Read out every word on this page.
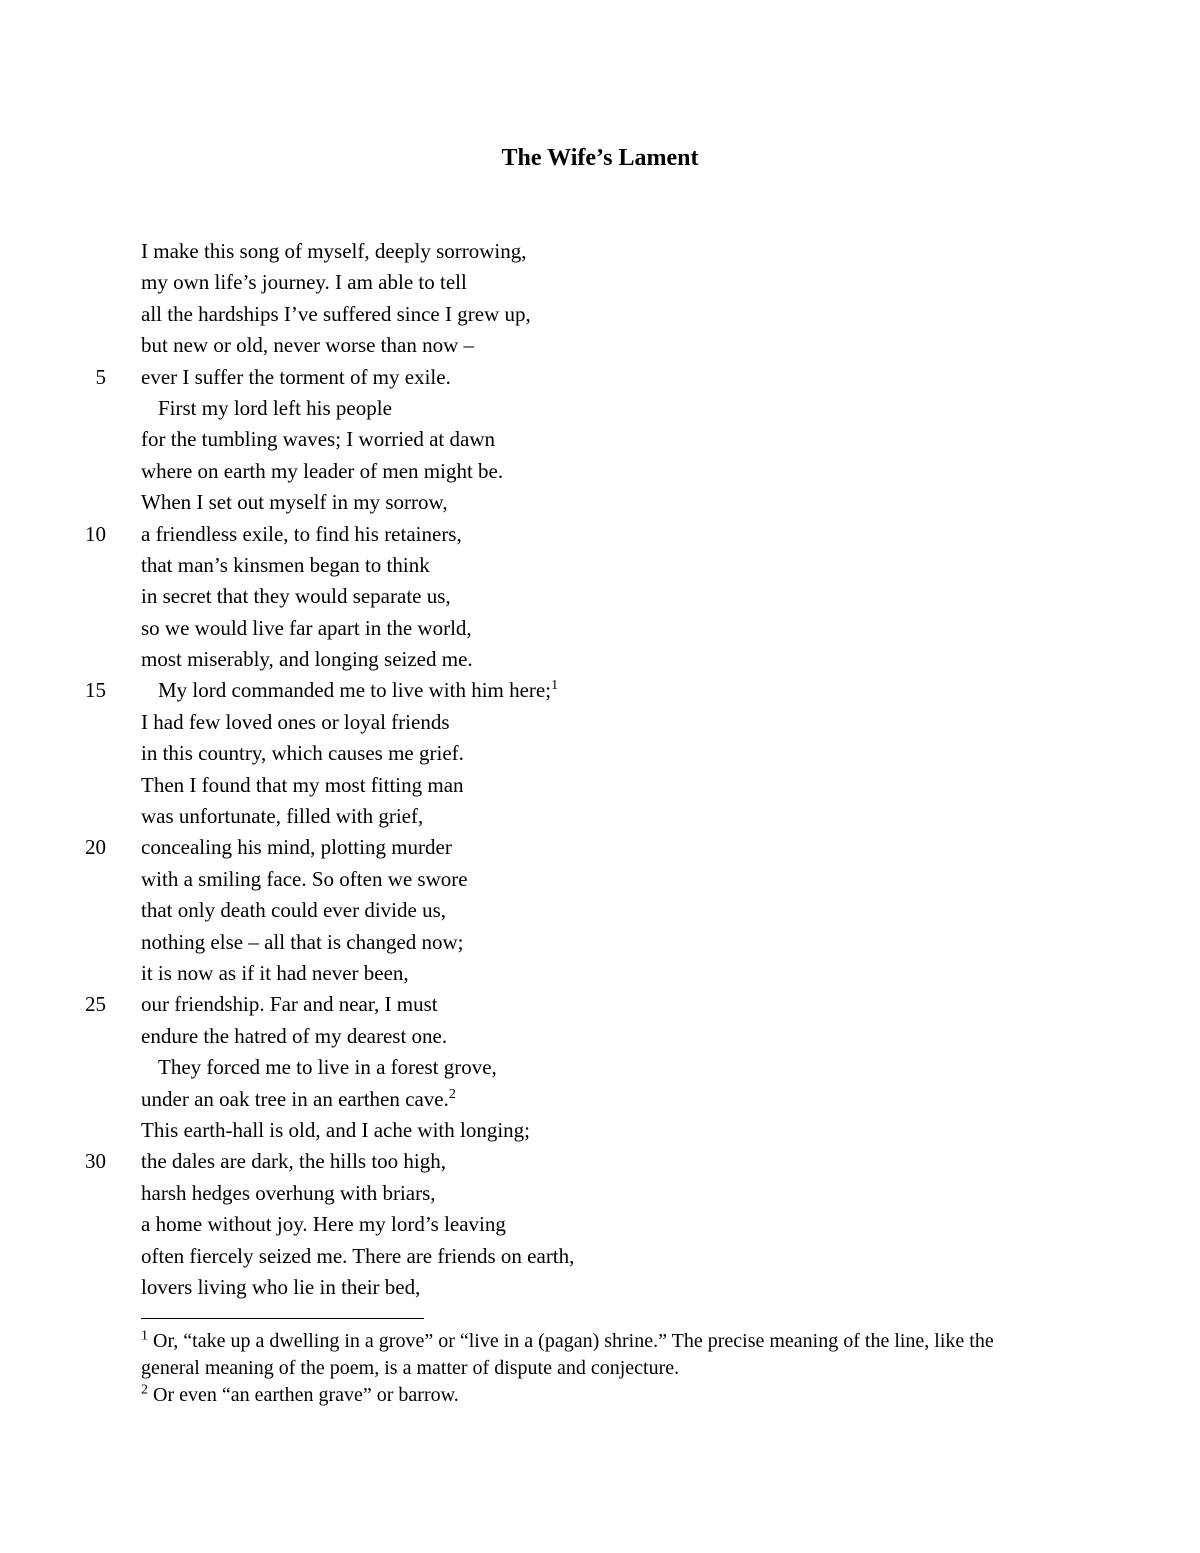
The Wife’s Lament
I make this song of myself, deeply sorrowing,
my own life’s journey. I am able to tell
all the hardships I’ve suffered since I grew up,
but new or old, never worse than now –
5 ever I suffer the torment of my exile.
First my lord left his people
for the tumbling waves; I worried at dawn
where on earth my leader of men might be.
When I set out myself in my sorrow,
10 a friendless exile, to find his retainers,
that man’s kinsmen began to think
in secret that they would separate us,
so we would live far apart in the world,
most miserably, and longing seized me.
15 My lord commanded me to live with him here;$^1$
I had few loved ones or loyal friends
in this country, which causes me grief.
Then I found that my most fitting man
was unfortunate, filled with grief,
20 concealing his mind, plotting murder
with a smiling face. So often we swore
that only death could ever divide us,
nothing else – all that is changed now;
it is now as if it had never been,
25 our friendship. Far and near, I must
endure the hatred of my dearest one.
They forced me to live in a forest grove,
under an oak tree in an earthen cave.$^2$
This earth-hall is old, and I ache with longing;
30 the dales are dark, the hills too high,
harsh hedges overhung with briars,
a home without joy. Here my lord’s leaving
often fiercely seized me. There are friends on earth,
lovers living who lie in their bed,

$^1$ Or, “take up a dwelling in a grove” or “live in a (pagan) shrine.” The precise meaning of the line, like the general meaning of the poem, is a matter of dispute and conjecture.

$^2$ Or even “an earthen grave” or barrow.
